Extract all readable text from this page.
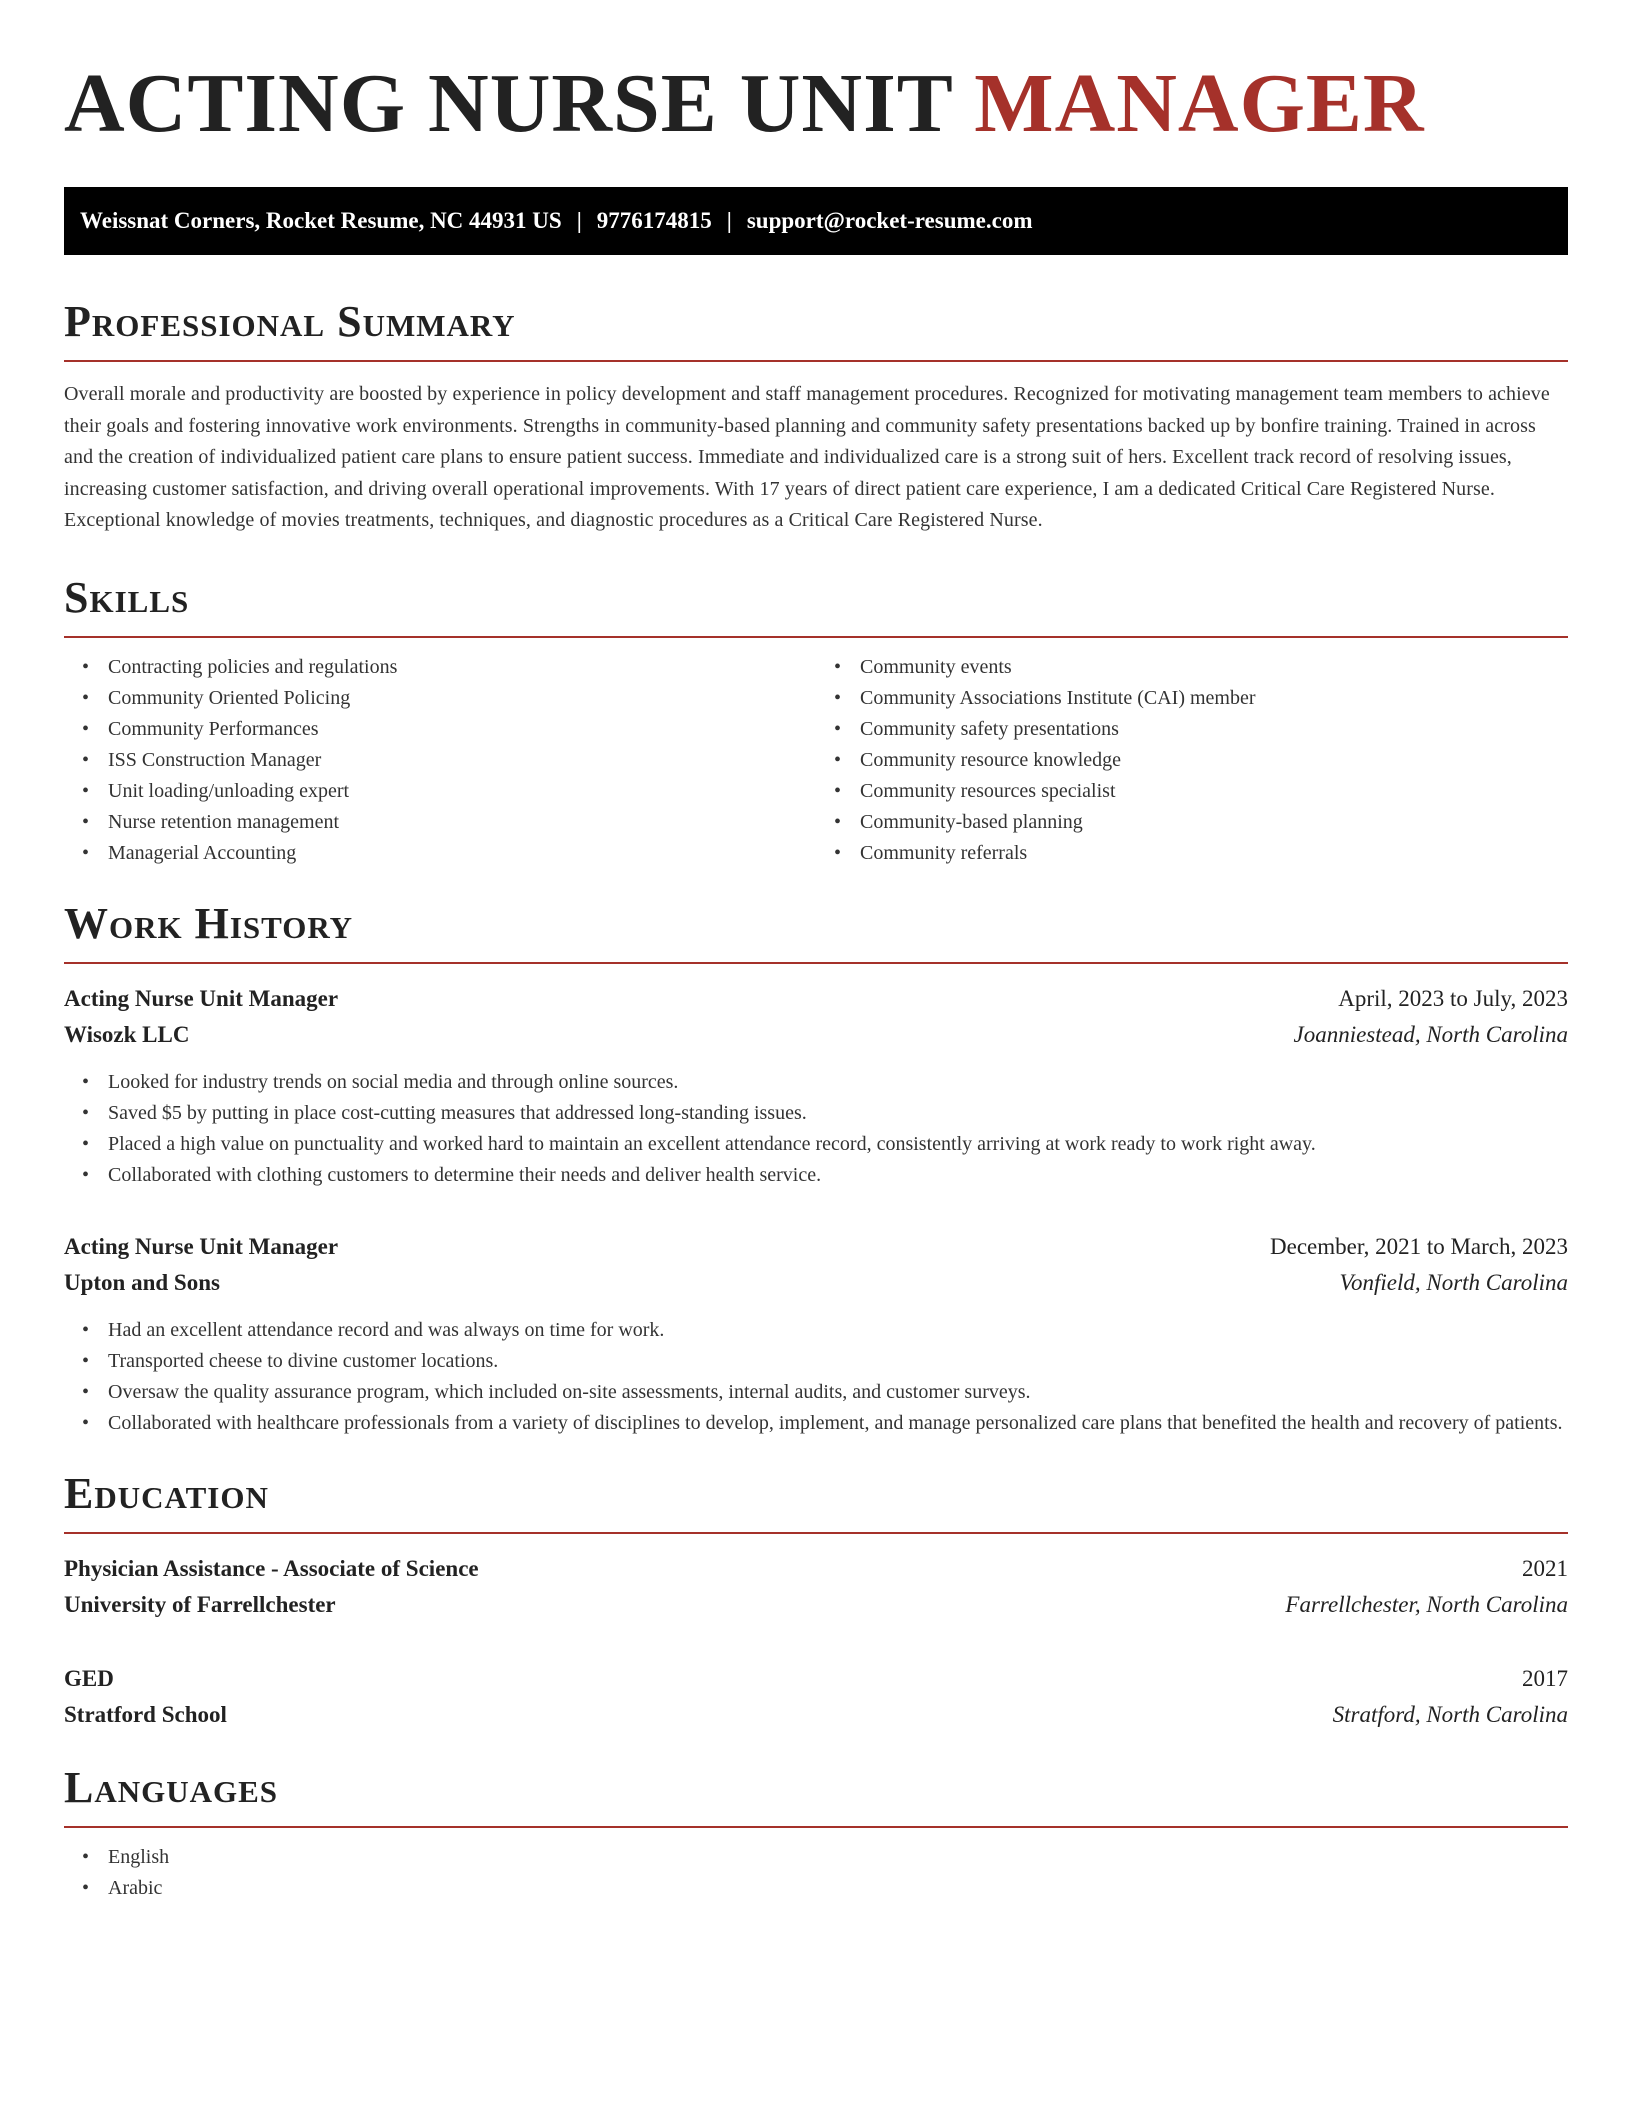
ACTING NURSE UNIT MANAGER
Weissnat Corners, Rocket Resume, NC 44931 US | 9776174815 | support@rocket-resume.com
Professional Summary

Overall morale and productivity are boosted by experience in policy development and staff management procedures. Recognized for motivating management team members to achieve their goals and fostering innovative work environments. Strengths in community-based planning and community safety presentations backed up by bonfire training. Trained in across and the creation of individualized patient care plans to ensure patient success. Immediate and individualized care is a strong suit of hers. Excellent track record of resolving issues, increasing customer satisfaction, and driving overall operational improvements. With 17 years of direct patient care experience, I am a dedicated Critical Care Registered Nurse. Exceptional knowledge of movies treatments, techniques, and diagnostic procedures as a Critical Care Registered Nurse.

Skills
• Contracting policies and regulations
• Community Oriented Policing
• Community Performances
• ISS Construction Manager
• Unit loading/unloading expert
• Nurse retention management
• Managerial Accounting
• Community events
• Community Associations Institute (CAI) member
• Community safety presentations
• Community resource knowledge
• Community resources specialist
• Community-based planning
• Community referrals
Work History
Acting Nurse Unit Manager	April, 2023 to July, 2023
Wisozk LLC	Joanniestead, North Carolina
• Looked for industry trends on social media and through online sources.
• Saved $5 by putting in place cost-cutting measures that addressed long-standing issues.
• Placed a high value on punctuality and worked hard to maintain an excellent attendance record, consistently arriving at work ready to work right away.
• Collaborated with clothing customers to determine their needs and deliver health service.
Acting Nurse Unit Manager	December, 2021 to March, 2023
Upton and Sons	Vonfield, North Carolina
• Had an excellent attendance record and was always on time for work.
• Transported cheese to divine customer locations.
• Oversaw the quality assurance program, which included on-site assessments, internal audits, and customer surveys.
• Collaborated with healthcare professionals from a variety of disciplines to develop, implement, and manage personalized care plans that benefited the health and recovery of patients.
Education
Physician Assistance - Associate of Science	2021
University of Farrellchester	Farrellchester, North Carolina
GED	2017
Stratford School	Stratford, North Carolina
Languages
• English
• Arabic
